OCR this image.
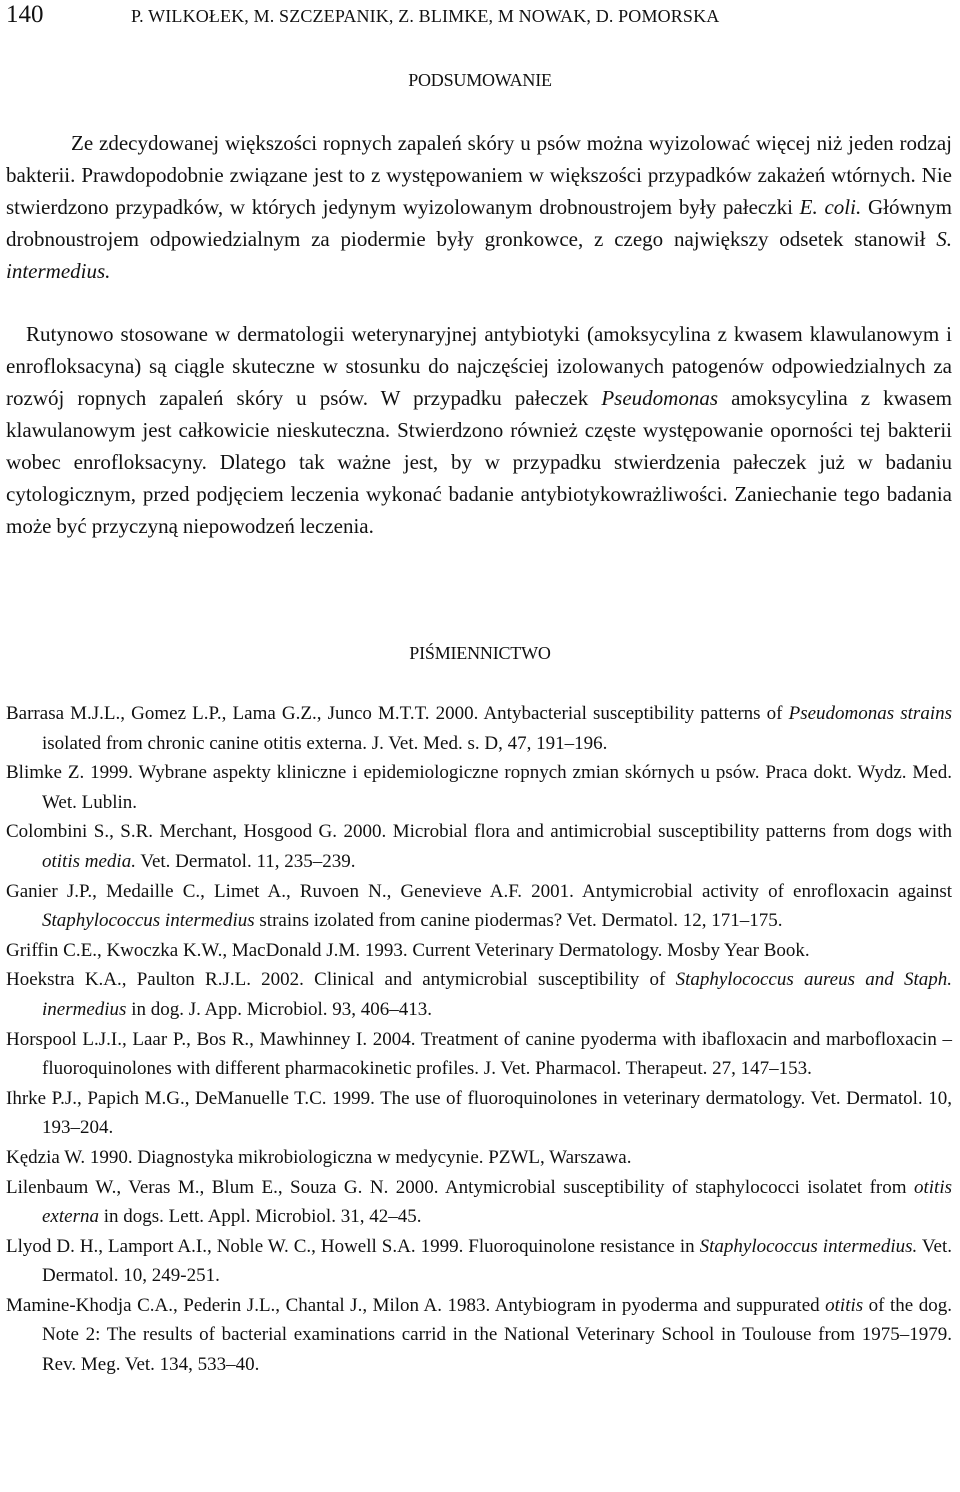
140	P. WILKOŁEK, M. SZCZEPANIK, Z. BLIMKE, M NOWAK, D. POMORSKA
PODSUMOWANIE

Ze zdecydowanej większości ropnych zapaleń skóry u psów można wyizolować więcej niż jeden rodzaj bakterii. Prawdopodobnie związane jest to z występowaniem w większości przypadków zakażeń wtórnych. Nie stwierdzono przypadków, w których jedynym wyizolowanym drobnoustrojem były pałeczki E. coli. Głównym drobnoustrojem odpowiedzialnym za piodermie były gronkowce, z czego największy odsetek stanowił S. intermedius.

Rutynowo stosowane w dermatologii weterynaryjnej antybiotyki (amoksycylina z kwasem klawulanowym i enrofloksacyna) są ciągle skuteczne w stosunku do najczęściej izolowanych patogenów odpowiedzialnych za rozwój ropnych zapaleń skóry u psów. W przypadku pałeczek Pseudomonas amoksycylina z kwasem klawulanowym jest całkowicie nieskuteczna. Stwierdzono również częste występowanie oporności tej bakterii wobec enrofloksacyny. Dlatego tak ważne jest, by w przypadku stwierdzenia pałeczek już w badaniu cytologicznym, przed podjęciem leczenia wykonać badanie antybiotykowrażliwości. Zaniechanie tego badania może być przyczyną niepowodzeń leczenia.

PIŚMIENNICTWO
Barrasa M.J.L., Gomez L.P., Lama G.Z., Junco M.T.T. 2000. Antybacterial susceptibility patterns of Pseudomonas strains isolated from chronic canine otitis externa. J. Vet. Med. s. D, 47, 191–196.
Blimke Z. 1999. Wybrane aspekty kliniczne i epidemiologiczne ropnych zmian skórnych u psów. Praca dokt. Wydz. Med. Wet. Lublin.
Colombini S., S.R. Merchant, Hosgood G. 2000. Microbial flora and antimicrobial susceptibility patterns from dogs with otitis media. Vet. Dermatol. 11, 235–239.
Ganier J.P., Medaille C., Limet A., Ruvoen N., Genevieve A.F. 2001. Antymicrobial activity of enrofloxacin against Staphylococcus intermedius strains izolated from canine piodermas? Vet. Dermatol. 12, 171–175.
Griffin C.E., Kwoczka K.W., MacDonald J.M. 1993. Current Veterinary Dermatology. Mosby Year Book.
Hoekstra K.A., Paulton R.J.L. 2002. Clinical and antymicrobial susceptibility of Staphylococcus aureus and Staph. inermedius in dog. J. App. Microbiol. 93, 406–413.
Horspool L.J.I., Laar P., Bos R., Mawhinney I. 2004. Treatment of canine pyoderma with ibafloxacin and marbofloxacin – fluoroquinolones with different pharmacokinetic profiles. J. Vet. Pharmacol. Therapeut. 27, 147–153.
Ihrke P.J., Papich M.G., DeManuelle T.C. 1999. The use of fluoroquinolones in veterinary dermatology. Vet. Dermatol. 10, 193–204.
Kędzia W. 1990. Diagnostyka mikrobiologiczna w medycynie. PZWL, Warszawa.
Lilenbaum W., Veras M., Blum E., Souza G. N. 2000. Antymicrobial susceptibility of staphylococci isolatet from otitis externa in dogs. Lett. Appl. Microbiol. 31, 42–45.
Llyod D. H., Lamport A.I., Noble W. C., Howell S.A. 1999. Fluoroquinolone resistance in Staphylococcus intermedius. Vet. Dermatol. 10, 249-251.
Mamine-Khodja C.A., Pederin J.L., Chantal J., Milon A. 1983. Antybiogram in pyoderma and suppurated otitis of the dog. Note 2: The results of bacterial examinations carrid in the National Veterinary School in Toulouse from 1975–1979. Rev. Meg. Vet. 134, 533–40.
